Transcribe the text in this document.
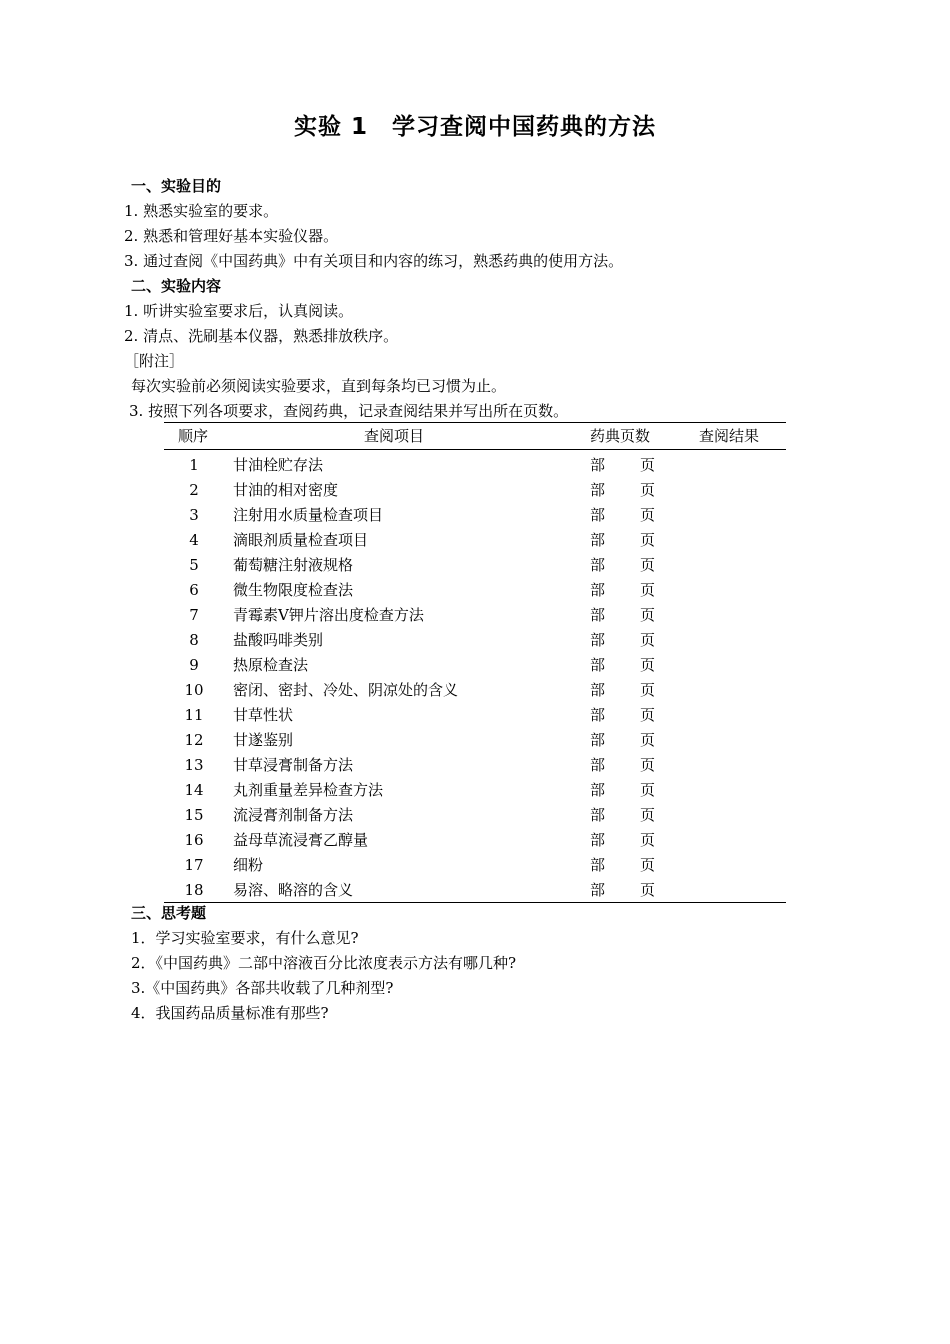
实验 1　学习查阅中国药典的方法
一、实验目的
1. 熟悉实验室的要求。
2. 熟悉和管理好基本实验仪器。
3. 通过查阅《中国药典》中有关项目和内容的练习，熟悉药典的使用方法。
二、实验内容
1. 听讲实验室要求后，认真阅读。
2. 清点、洗刷基本仪器，熟悉排放秩序。
［附注］
每次实验前必须阅读实验要求，直到每条均已习惯为止。
3. 按照下列各项要求，查阅药典，记录查阅结果并写出所在页数。
顺序	查阅项目	药典页数	查阅结果
1	甘油栓贮存法	部 页
2	甘油的相对密度	部 页
3	注射用水质量检查项目	部 页
4	滴眼剂质量检查项目	部 页
5	葡萄糖注射液规格	部 页
6	微生物限度检查法	部 页
7	青霉素Ⅴ钾片溶出度检查方法	部 页
8	盐酸吗啡类别	部 页
9	热原检查法	部 页
10	密闭、密封、冷处、阴凉处的含义	部 页
11	甘草性状	部 页
12	甘遂鉴别	部 页
13	甘草浸膏制备方法	部 页
14	丸剂重量差异检查方法	部 页
15	流浸膏剂制备方法	部 页
16	益母草流浸膏乙醇量	部 页
17	细粉	部 页
18	易溶、略溶的含义	部 页
三、思考题
1．学习实验室要求，有什么意见?
2．《中国药典》二部中溶液百分比浓度表示方法有哪几种?
3.《中国药典》各部共收载了几种剂型?
4．我国药品质量标准有那些?
